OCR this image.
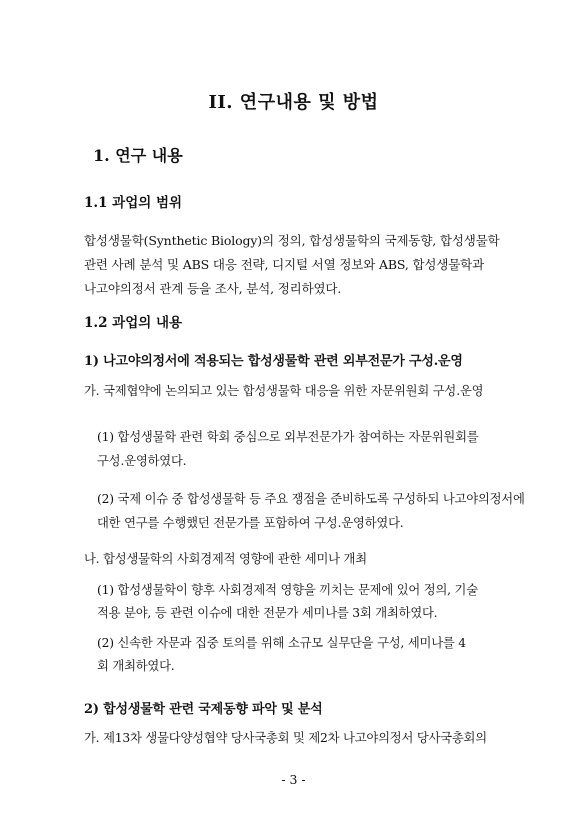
II. 연구내용 및 방법
1. 연구 내용
1.1 과업의 범위

합성생물학(Synthetic Biology)의 정의, 합성생물학의 국제동향, 합성생물학

관련 사례 분석 및 ABS 대응 전략, 디지털 서열 정보와 ABS, 합성생물학과

나고야의정서 관계 등을 조사, 분석, 정리하였다.

1.2 과업의 내용
1) 나고야의정서에 적용되는 합성생물학 관련 외부전문가 구성․운영

가. 국제협약에 논의되고 있는 합성생물학 대응을 위한 자문위원회 구성․운영

(1) 합성생물학 관련 학회 중심으로 외부전문가가 참여하는 자문위원회를

구성․운영하였다.

(2) 국제 이슈 중 합성생물학 등 주요 쟁점을 준비하도록 구성하되 나고야의정서에

대한 연구를 수행했던 전문가를 포함하여 구성․운영하였다.

나. 합성생물학의 사회경제적 영향에 관한 세미나 개최

(1) 합성생물학이 향후 사회경제적 영향을 끼치는 문제에 있어 정의, 기술

적용 분야, 등 관련 이슈에 대한 전문가 세미나를 3회 개최하였다.

(2) 신속한 자문과 집중 토의를 위해 소규모 실무단을 구성, 세미나를 4

회 개최하였다.

2) 합성생물학 관련 국제동향 파악 및 분석

가. 제13차 생물다양성협약 당사국총회 및 제2차 나고야의정서 당사국총회의

- 3 -
